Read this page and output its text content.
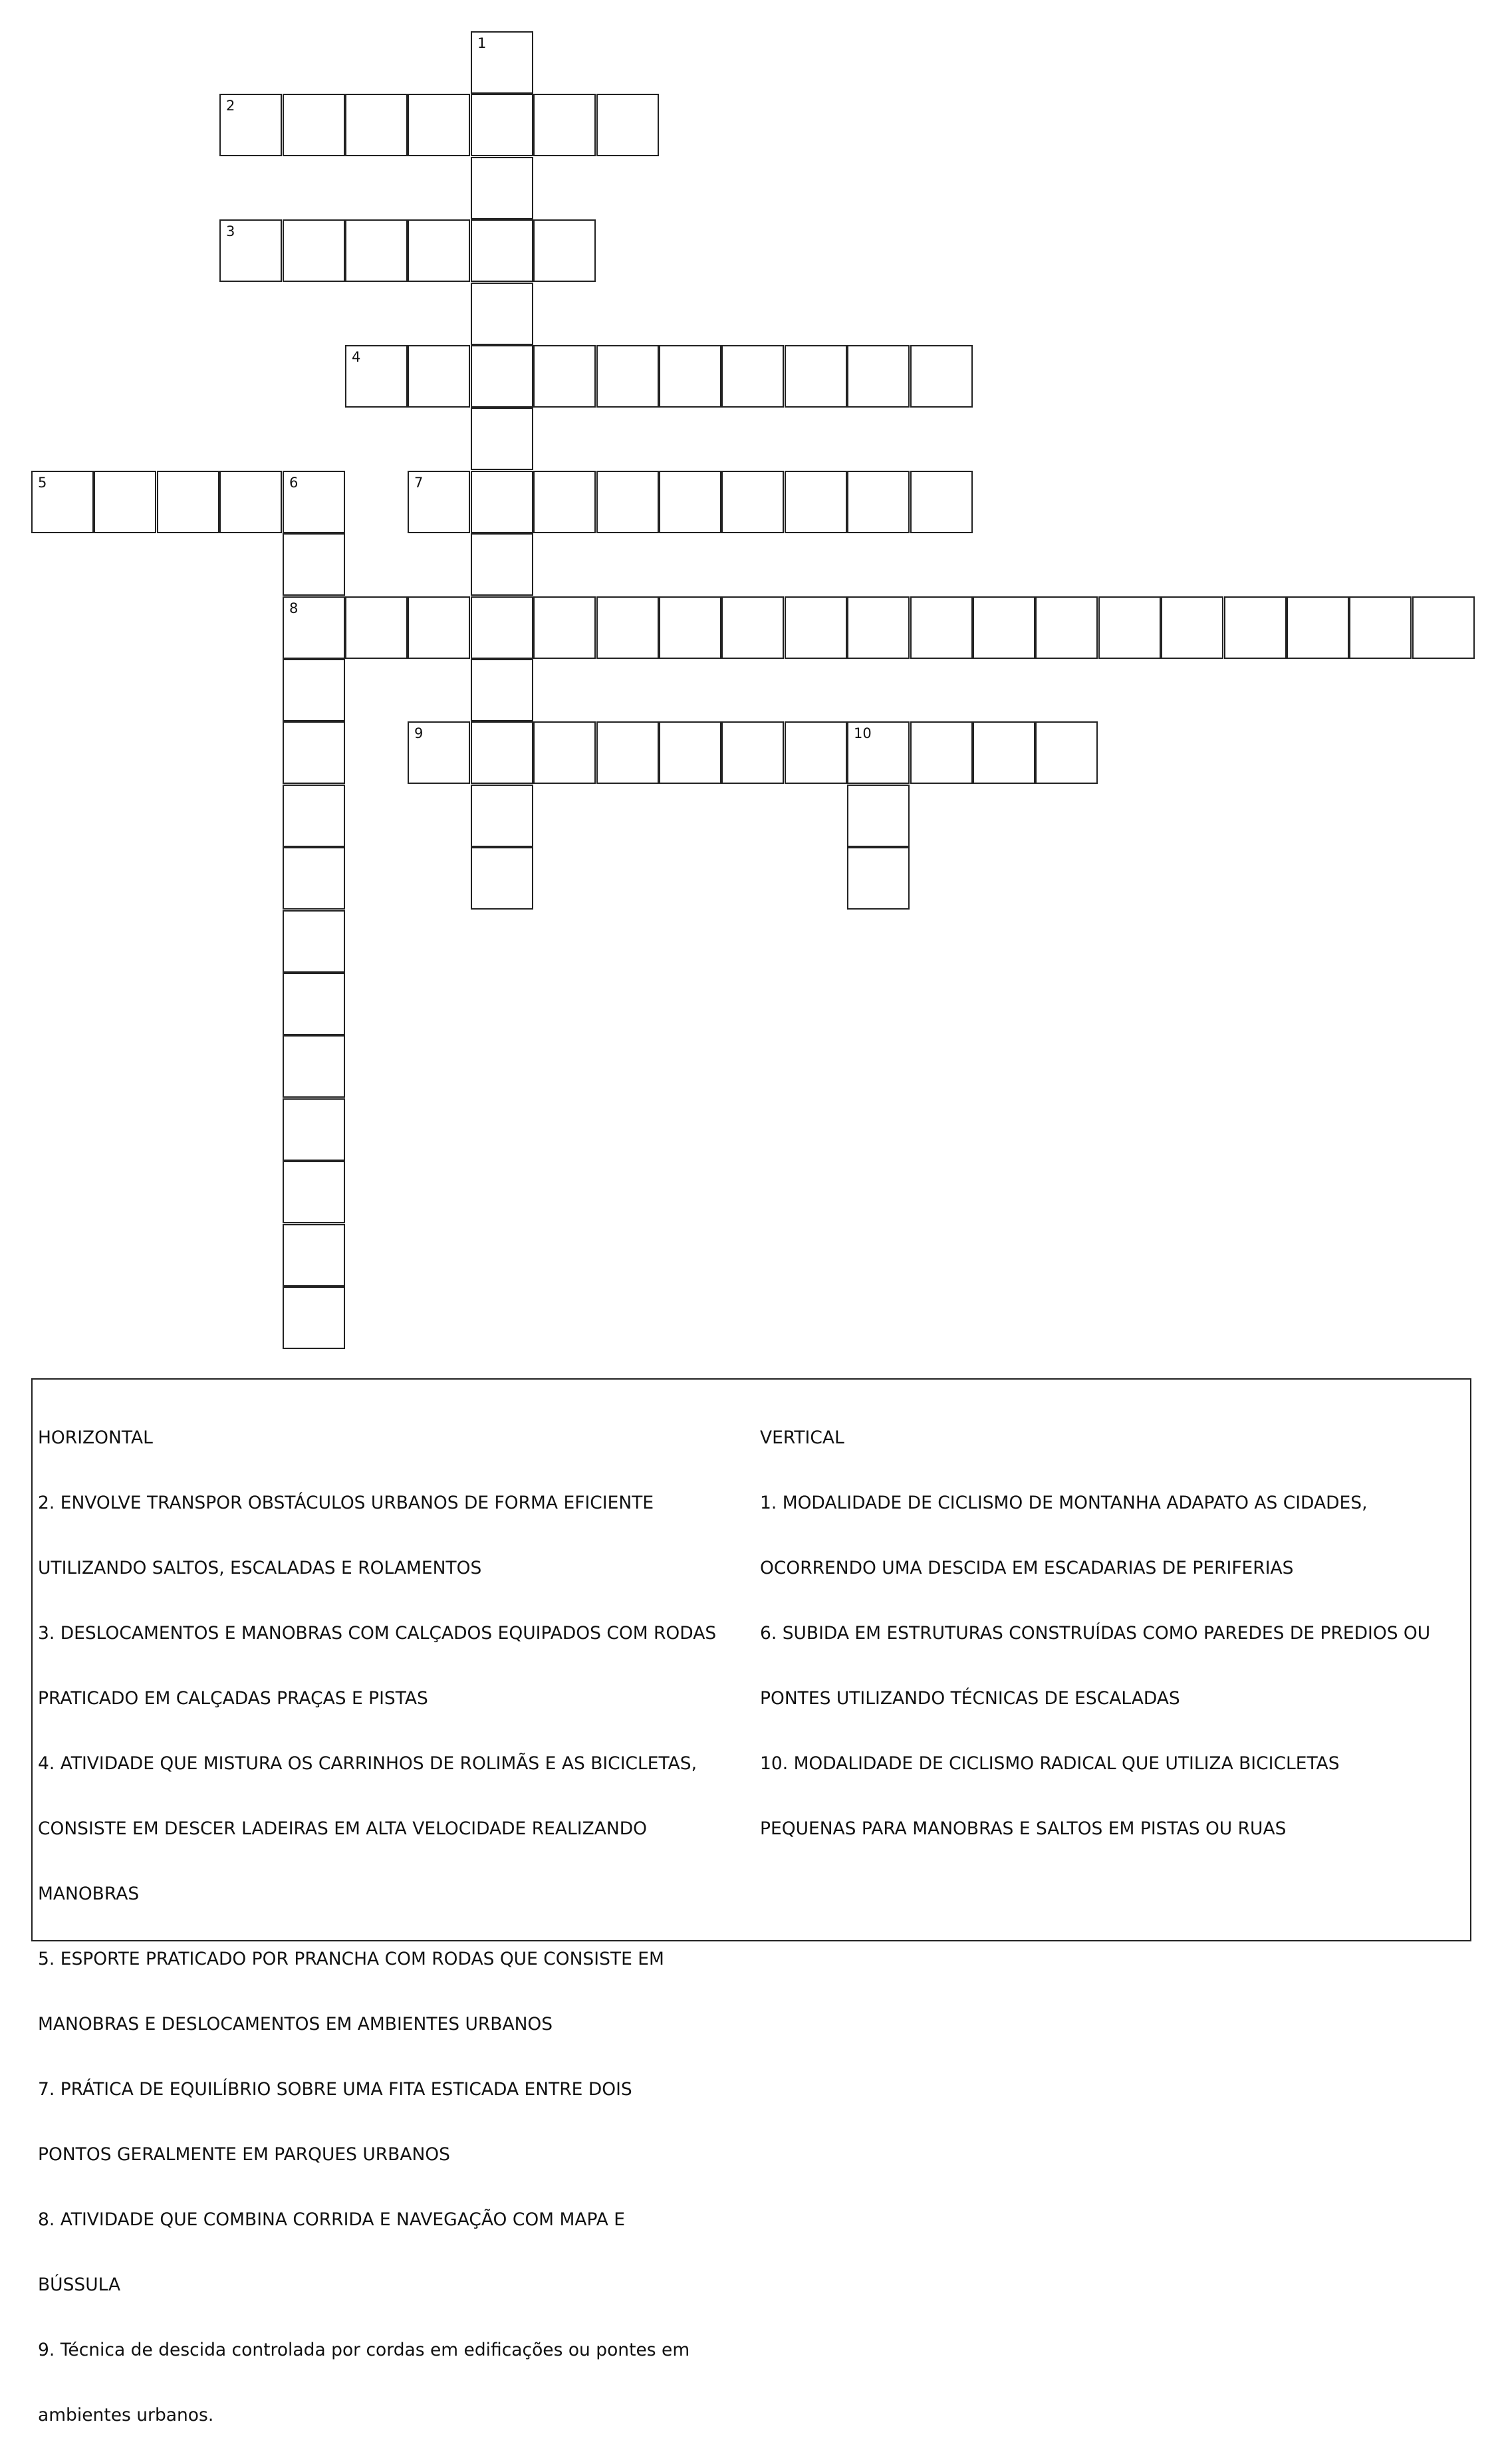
1
2
3
4
5	6
8
7
9	10

HORIZONTAL

2. ENVOLVE TRANSPOR OBSTÁCULOS URBANOS DE FORMA EFICIENTE

UTILIZANDO SALTOS, ESCALADAS E ROLAMENTOS

3. DESLOCAMENTOS E MANOBRAS COM CALÇADOS EQUIPADOS COM RODAS

PRATICADO EM CALÇADAS PRAÇAS E PISTAS

4. ATIVIDADE QUE MISTURA OS CARRINHOS DE ROLIMÃS E AS BICICLETAS,

CONSISTE EM DESCER LADEIRAS EM ALTA VELOCIDADE REALIZANDO

MANOBRAS

5. ESPORTE PRATICADO POR PRANCHA COM RODAS QUE CONSISTE EM

MANOBRAS E DESLOCAMENTOS EM AMBIENTES URBANOS

7. PRÁTICA DE EQUILÍBRIO SOBRE UMA FITA ESTICADA ENTRE DOIS

PONTOS GERALMENTE EM PARQUES URBANOS

8. ATIVIDADE QUE COMBINA CORRIDA E NAVEGAÇÃO COM MAPA E

BÚSSULA

9. Técnica de descida controlada por cordas em edificações ou pontes em

ambientes urbanos.

VERTICAL

1. MODALIDADE DE CICLISMO DE MONTANHA ADAPATO AS CIDADES,

OCORRENDO UMA DESCIDA EM ESCADARIAS DE PERIFERIAS

6. SUBIDA EM ESTRUTURAS CONSTRUÍDAS COMO PAREDES DE PREDIOS OU

PONTES UTILIZANDO TÉCNICAS DE ESCALADAS

10. MODALIDADE DE CICLISMO RADICAL QUE UTILIZA BICICLETAS

PEQUENAS PARA MANOBRAS E SALTOS EM PISTAS OU RUAS
